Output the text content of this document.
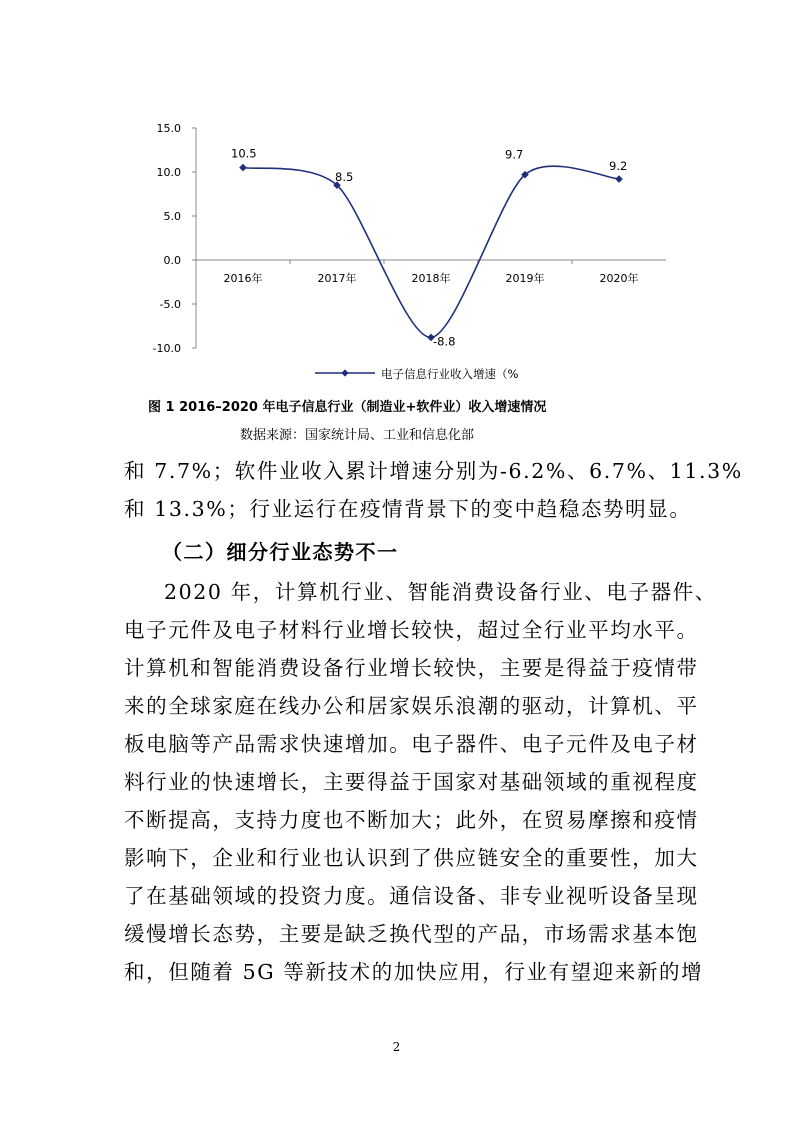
15.0
10.0
5.0
0.0
-5.0
-10.0
2016年	2017年	2018年	2019年	2020年
10.5
8.5
-8.8
9.7
9.2
电子信息行业收入增速（%
图 1 2016–2020 年电子信息行业（制造业+软件业）收入增速情况
数据来源：国家统计局、工业和信息化部
和 7.7%；软件业收入累计增速分别为-6.2%、6.7%、11.3%
和 13.3%；行业运行在疫情背景下的变中趋稳态势明显。
（二）细分行业态势不一
2020 年，计算机行业、智能消费设备行业、电子器件、
电子元件及电子材料行业增长较快，超过全行业平均水平。
计算机和智能消费设备行业增长较快，主要是得益于疫情带
来的全球家庭在线办公和居家娱乐浪潮的驱动，计算机、平
板电脑等产品需求快速增加。电子器件、电子元件及电子材
料行业的快速增长，主要得益于国家对基础领域的重视程度
不断提高，支持力度也不断加大；此外，在贸易摩擦和疫情
影响下，企业和行业也认识到了供应链安全的重要性，加大
了在基础领域的投资力度。通信设备、非专业视听设备呈现
缓慢增长态势，主要是缺乏换代型的产品，市场需求基本饱
和，但随着 5G 等新技术的加快应用，行业有望迎来新的增
2
